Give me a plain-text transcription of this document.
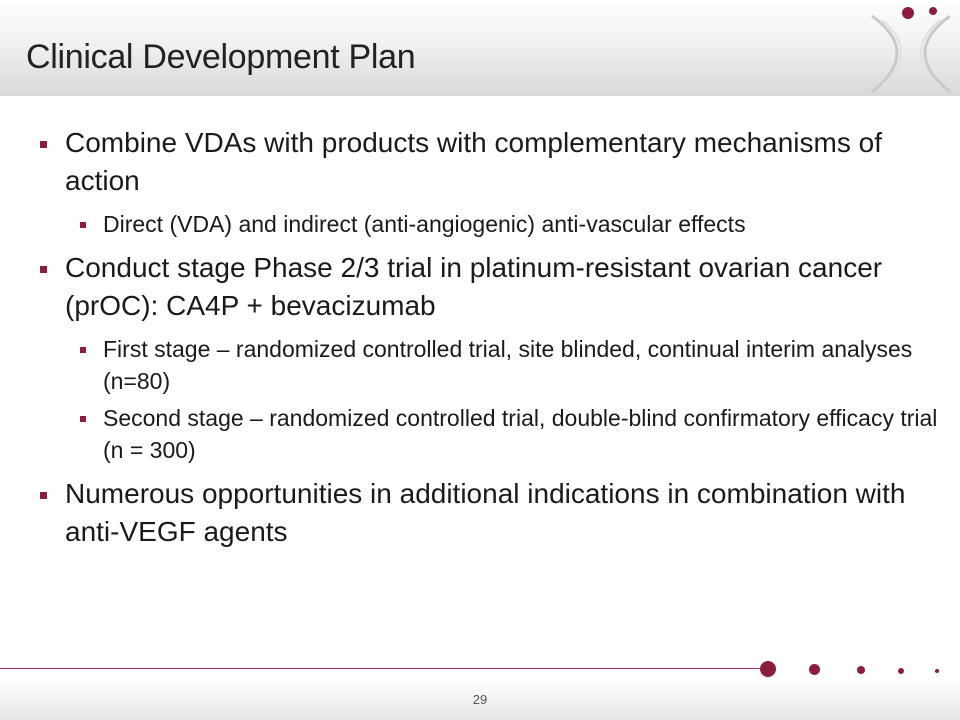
Clinical Development Plan
Combine VDAs with products with complementary mechanisms of action
Direct (VDA) and indirect (anti-angiogenic) anti-vascular effects
Conduct stage Phase 2/3 trial in platinum-resistant ovarian cancer (prOC): CA4P + bevacizumab
First stage – randomized controlled trial, site blinded, continual interim analyses (n=80)
Second stage – randomized controlled trial, double-blind confirmatory efficacy trial (n = 300)
Numerous opportunities in additional indications in combination with anti-VEGF agents
29
